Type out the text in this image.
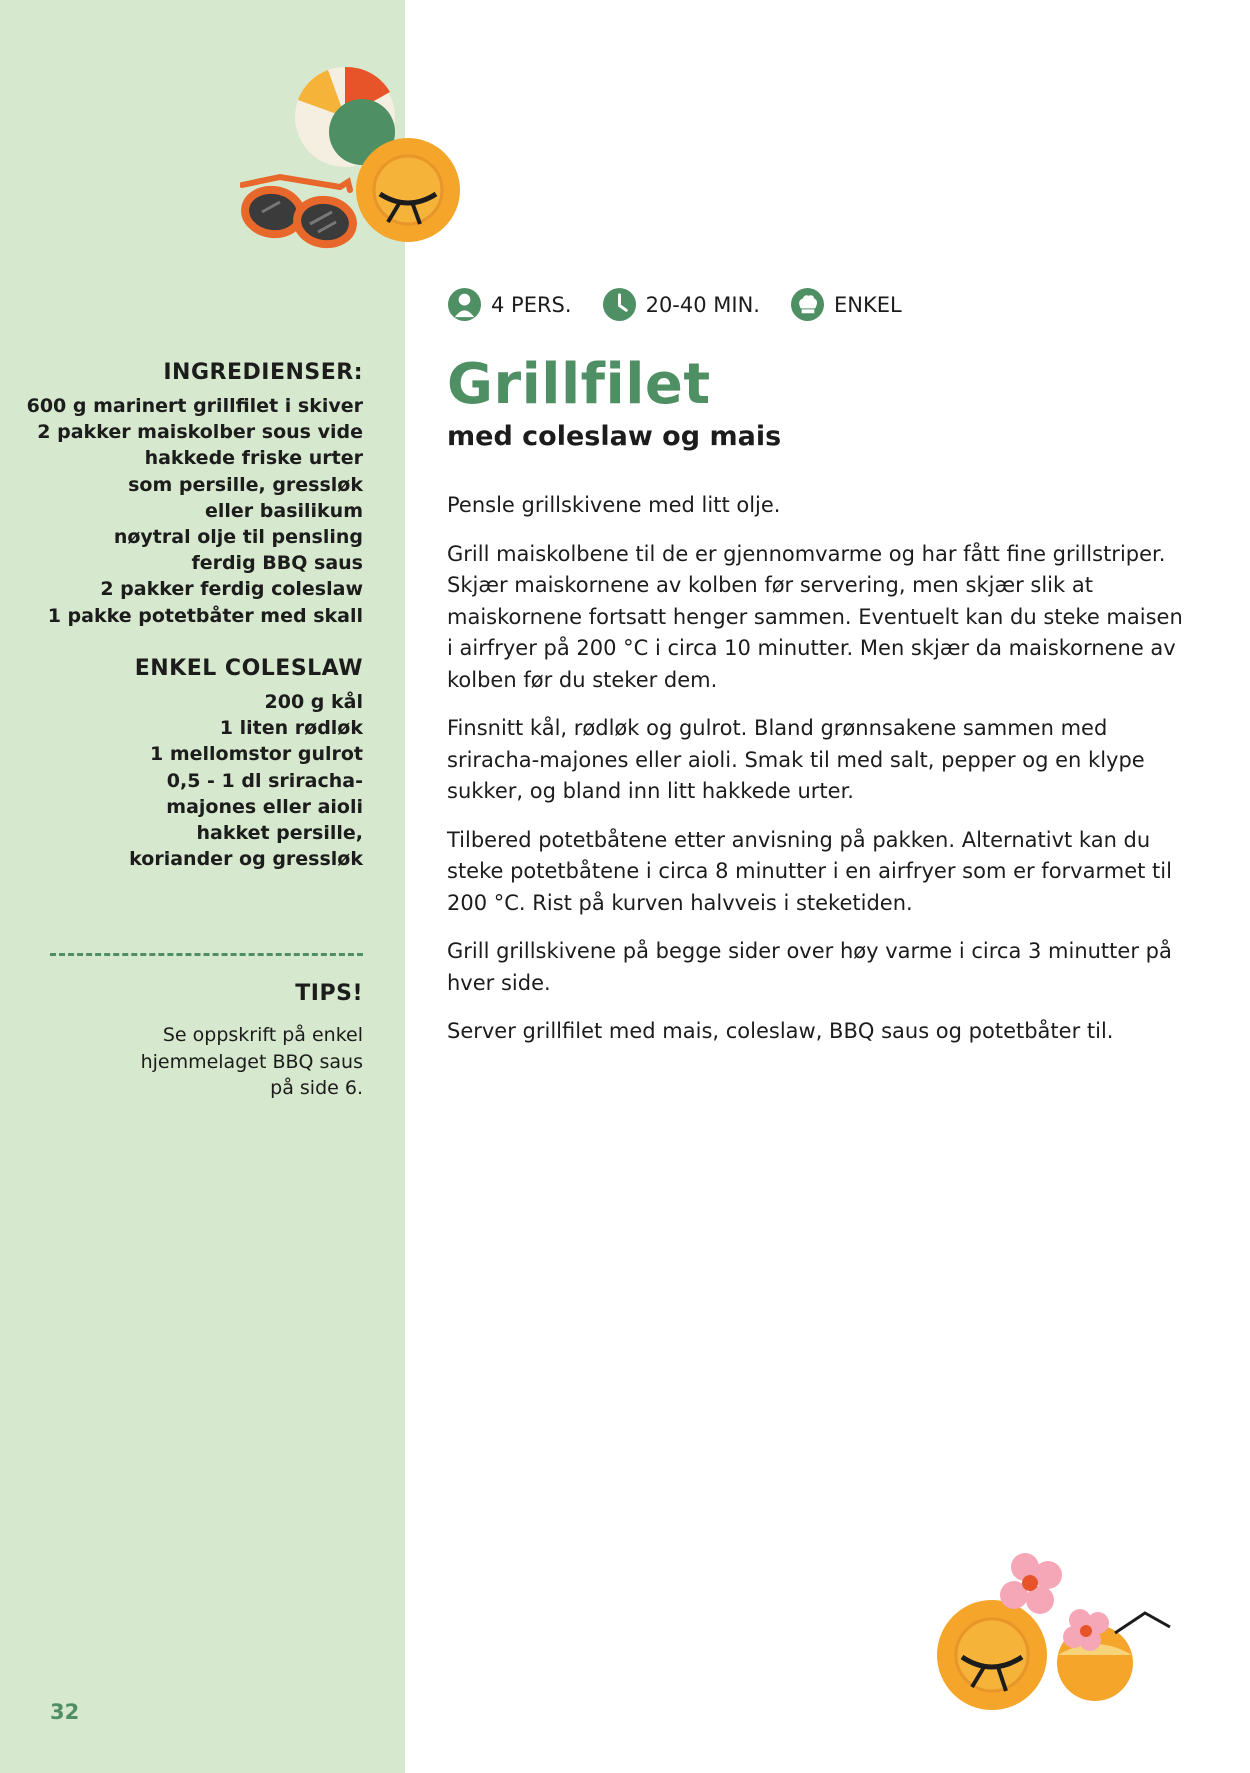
INGREDIENSER:
600 g marinert grillfilet i skiver
2 pakker maiskolber sous vide
hakkede friske urter
som persille, gressløk
eller basilikum
nøytral olje til pensling
ferdig BBQ saus
2 pakker ferdig coleslaw
1 pakke potetbåter med skall
ENKEL COLESLAW
200 g kål
1 liten rødløk
1 mellomstor gulrot
0,5 - 1 dl sriracha-
majones eller aioli
hakket persille,
koriander og gressløk
TIPS!
Se oppskrift på enkel
hjemmelaget BBQ saus
på side 6.
32
4 PERS.	20-40 MIN.	ENKEL
Grillfilet
med coleslaw og mais

Pensle grillskivene med litt olje.

Grill maiskolbene til de er gjennomvarme og har fått fine grillstriper. Skjær maiskornene av kolben før servering, men skjær slik at maiskornene fortsatt henger sammen. Eventuelt kan du steke maisen i airfryer på 200 °C i circa 10 minutter. Men skjær da maiskornene av kolben før du steker dem.

Finsnitt kål, rødløk og gulrot. Bland grønnsakene sammen med sriracha-majones eller aioli. Smak til med salt, pepper og en klype sukker, og bland inn litt hakkede urter.

Tilbered potetbåtene etter anvisning på pakken. Alternativt kan du steke potetbåtene i circa 8 minutter i en airfryer som er forvarmet til 200 °C. Rist på kurven halvveis i steketiden.

Grill grillskivene på begge sider over høy varme i circa 3 minutter på hver side.

Server grillfilet med mais, coleslaw, BBQ saus og potetbåter til.
